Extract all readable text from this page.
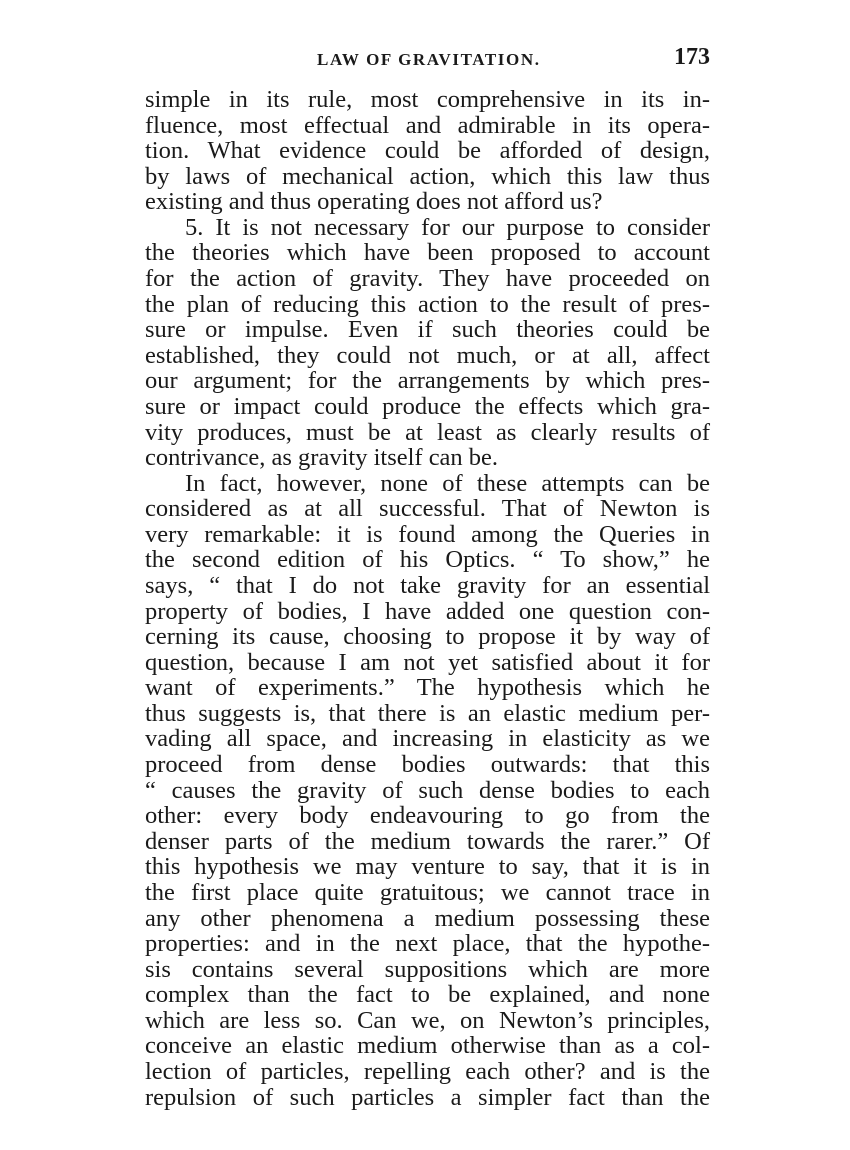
LAW OF GRAVITATION.	173
simple in its rule, most comprehensive in its in-
fluence, most effectual and admirable in its opera-
tion. What evidence could be afforded of design,
by laws of mechanical action, which this law thus
existing and thus operating does not afford us?
5. It is not necessary for our purpose to consider
the theories which have been proposed to account
for the action of gravity. They have proceeded on
the plan of reducing this action to the result of pres-
sure or impulse. Even if such theories could be
established, they could not much, or at all, affect
our argument; for the arrangements by which pres-
sure or impact could produce the effects which gra-
vity produces, must be at least as clearly results of
contrivance, as gravity itself can be.
In fact, however, none of these attempts can be
considered as at all successful. That of Newton is
very remarkable: it is found among the Queries in
the second edition of his Optics. “ To show,” he
says, “ that I do not take gravity for an essential
property of bodies, I have added one question con-
cerning its cause, choosing to propose it by way of
question, because I am not yet satisfied about it for
want of experiments.” The hypothesis which he
thus suggests is, that there is an elastic medium per-
vading all space, and increasing in elasticity as we
proceed from dense bodies outwards: that this
“ causes the gravity of such dense bodies to each
other: every body endeavouring to go from the
denser parts of the medium towards the rarer.” Of
this hypothesis we may venture to say, that it is in
the first place quite gratuitous; we cannot trace in
any other phenomena a medium possessing these
properties: and in the next place, that the hypothe-
sis contains several suppositions which are more
complex than the fact to be explained, and none
which are less so. Can we, on Newton’s principles,
conceive an elastic medium otherwise than as a col-
lection of particles, repelling each other? and is the
repulsion of such particles a simpler fact than the
